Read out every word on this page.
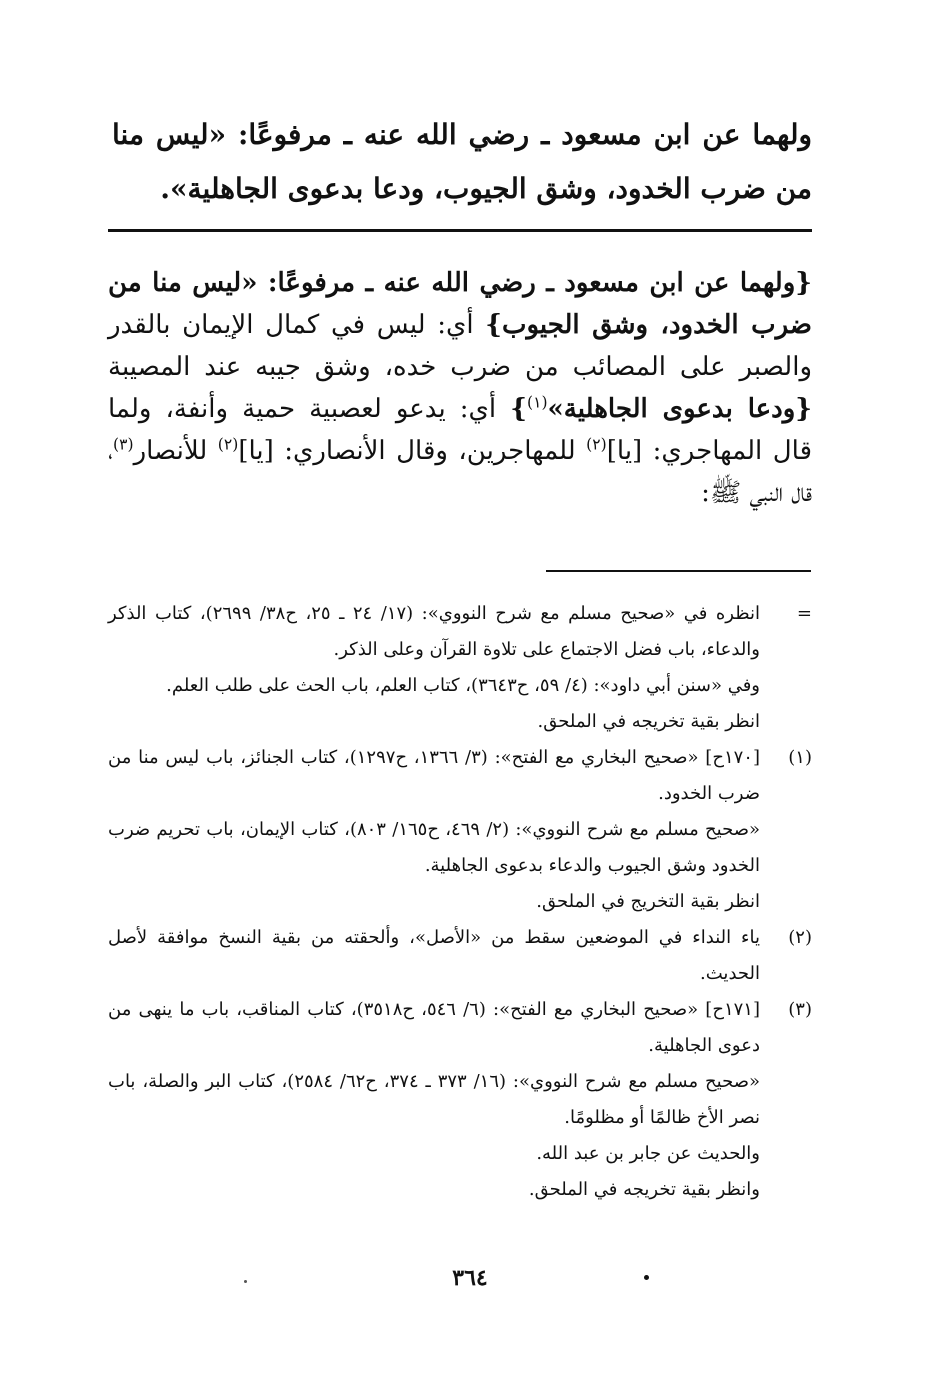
ولهما عن ابن مسعود ـ رضي الله عنه ـ مرفوعًا: «ليس منا من ضرب الخدود، وشق الجيوب، ودعا بدعوى الجاهلية».
{ولهما عن ابن مسعود ـ رضي الله عنه ـ مرفوعًا: «ليس منا من ضرب الخدود، وشق الجيوب} أي: ليس في كمال الإيمان بالقدر والصبر على المصائب من ضرب خده، وشق جيبه عند المصيبة {ودعا بدعوى الجاهلية»$^{(١)}$} أي: يدعو لعصبية حمية وأنفة، ولما قال المهاجري: [يا]$^{(٢)}$ للمهاجرين، وقال الأنصاري: [يا]$^{(٢)}$ للأنصار$^{(٣)}$، قال النبي ﷺ:
=

انظره في «صحيح مسلم مع شرح النووي»: (١٧/ ٢٤ ـ ٢٥، ح٣٨/ ٢٦٩٩)، كتاب الذكر والدعاء، باب فضل الاجتماع على تلاوة القرآن وعلى الذكر.

وفي «سنن أبي داود»: (٤/ ٥٩، ح٣٦٤٣)، كتاب العلم، باب الحث على طلب العلم.

انظر بقية تخريجه في الملحق.

(١)

[١٧٠ح] «صحيح البخاري مع الفتح»: (٣/ ١٣٦٦، ح١٢٩٧)، كتاب الجنائز، باب ليس منا من ضرب الخدود.

«صحيح مسلم مع شرح النووي»: (٢/ ٤٦٩، ح١٦٥/ ٨٠٣)، كتاب الإيمان، باب تحريم ضرب الخدود وشق الجيوب والدعاء بدعوى الجاهلية.

انظر بقية التخريج في الملحق.

(٢)

ياء النداء في الموضعين سقط من «الأصل»، وألحقته من بقية النسخ موافقة لأصل الحديث.

(٣)

[١٧١ح] «صحيح البخاري مع الفتح»: (٦/ ٥٤٦، ح٣٥١٨)، كتاب المناقب، باب ما ينهى من دعوى الجاهلية.

«صحيح مسلم مع شرح النووي»: (١٦/ ٣٧٣ ـ ٣٧٤، ح٦٢/ ٢٥٨٤)، كتاب البر والصلة، باب نصر الأخ ظالمًا أو مظلومًا.

والحديث عن جابر بن عبد الله.

وانظر بقية تخريجه في الملحق.

٣٦٤
